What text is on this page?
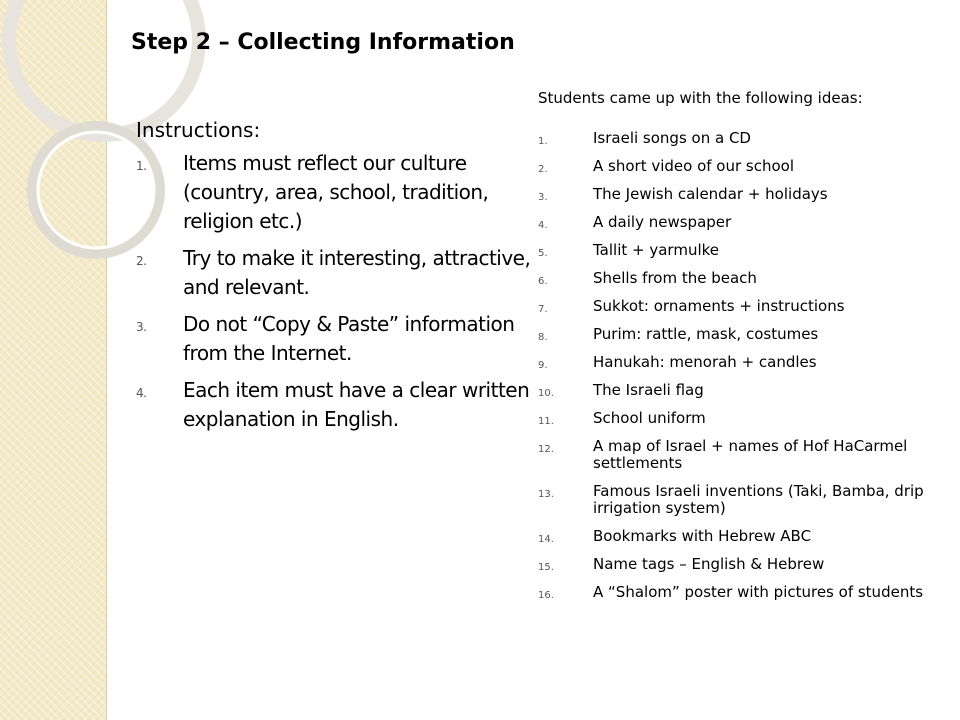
Step 2 – Collecting Information

Instructions:

1. Items must reflect our culture (country, area, school, tradition, religion etc.)
2. Try to make it interesting, attractive, and relevant.
3. Do not “Copy & Paste” information from the Internet.
4. Each item must have a clear written explanation in English.

Students came up with the following ideas:

1.	Israeli songs on a CD
2.	A short video of our school
3.	The Jewish calendar + holidays
4.	A daily newspaper
5.	Tallit + yarmulke
6.	Shells from the beach
7.	Sukkot: ornaments + instructions
8.	Purim: rattle, mask, costumes
9.	Hanukah: menorah + candles
10.	The Israeli flag
11.	School uniform
12.	A map of Israel + names of Hof HaCarmel settlements
13.	Famous Israeli inventions (Taki, Bamba, drip irrigation system)
14.	Bookmarks with Hebrew ABC
15.	Name tags – English & Hebrew
16.	A “Shalom” poster with pictures of students
